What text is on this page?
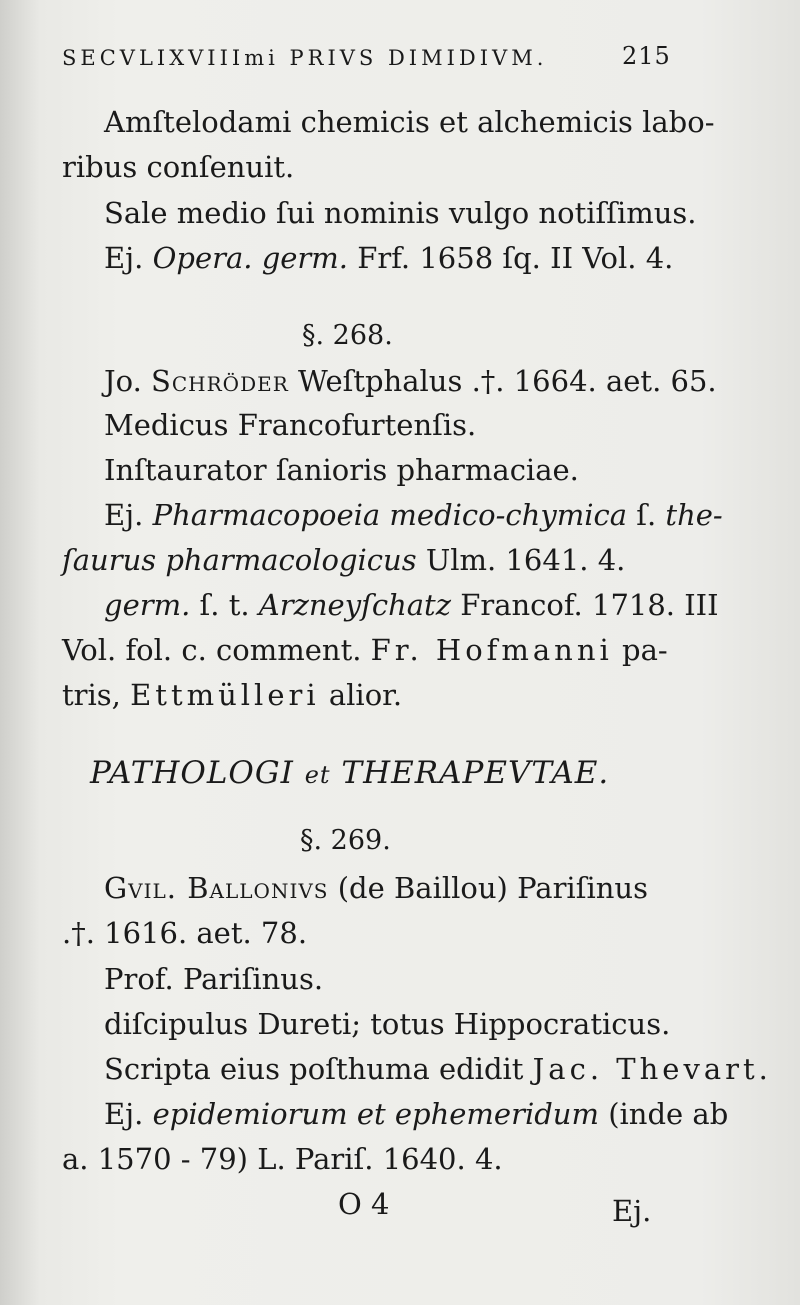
SECVLIXVIIImi PRIVS DIMIDIVM.	215
Amſtelodami chemicis et alchemicis labo-
ribus conſenuit.
Sale medio ſui nominis vulgo notiſſimus.
Ej. Opera. germ. Frf. 1658 ſq. II Vol. 4.
§. 268.
Jo. Schröder Weſtphalus .†. 1664. aet. 65.
Medicus Francofurtenſis.
Inſtaurator ſanioris pharmaciae.
Ej. Pharmacopoeia medico-chymica ſ. the-
ſaurus pharmacologicus Ulm. 1641. 4.
germ. ſ. t. Arzneyſchatz Francof. 1718. III
Vol. fol. c. comment. Fr. Hofmanni pa-
tris, Ettmülleri alior.
PATHOLOGI et THERAPEVTAE.
§. 269.
Gvil. Ballonivs (de Baillou) Pariſinus
.†. 1616. aet. 78.
Prof. Pariſinus.
diſcipulus Dureti; totus Hippocraticus.
Scripta eius poſthuma edidit Jac. Thevart.
Ej. epidemiorum et ephemeridum (inde ab
a. 1570 - 79) L. Pariſ. 1640. 4.
O 4	Ej.
